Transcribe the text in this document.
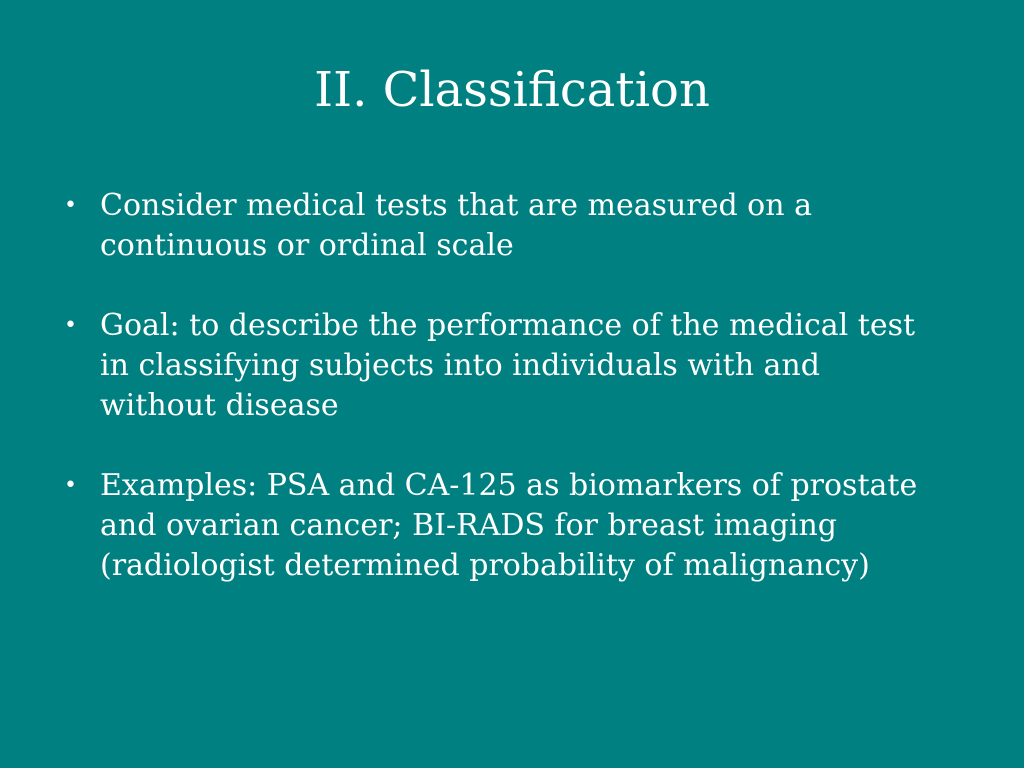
II. Classification
• Consider medical tests that are measured on a continuous or ordinal scale
• Goal: to describe the performance of the medical test in classifying subjects into individuals with and without disease
• Examples: PSA and CA-125 as biomarkers of prostate and ovarian cancer; BI-RADS for breast imaging (radiologist determined probability of malignancy)
